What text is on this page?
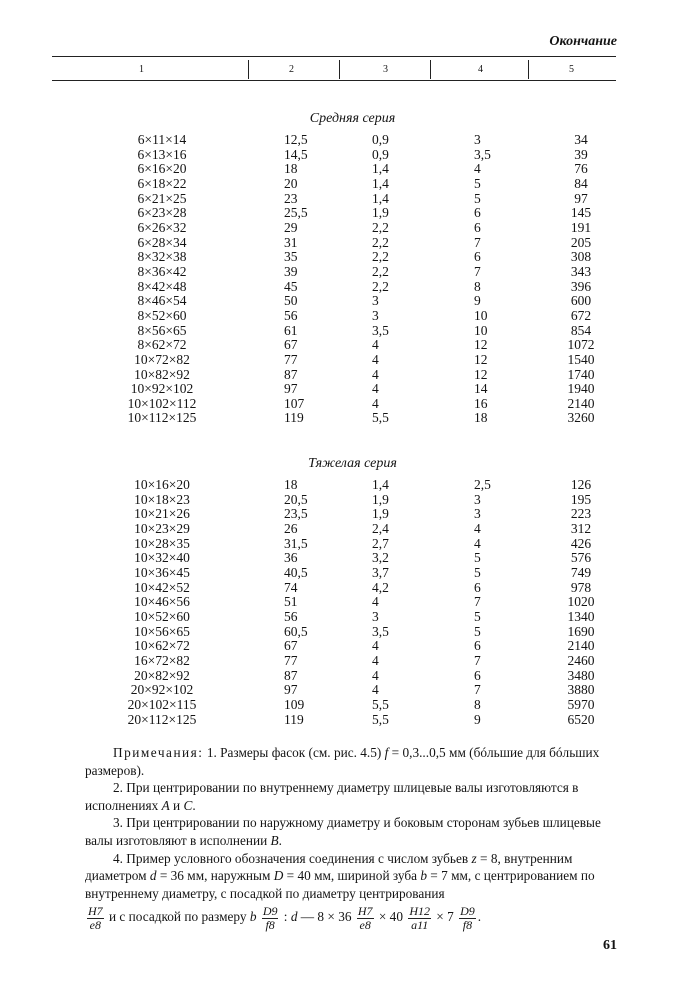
Окончание
1	2	3	4	5
Средняя серия
6×11×14	12,5	0,9	3	34
6×13×16	14,5	0,9	3,5	39
6×16×20	18	1,4	4	76
6×18×22	20	1,4	5	84
6×21×25	23	1,4	5	97
6×23×28	25,5	1,9	6	145
6×26×32	29	2,2	6	191
6×28×34	31	2,2	7	205
8×32×38	35	2,2	6	308
8×36×42	39	2,2	7	343
8×42×48	45	2,2	8	396
8×46×54	50	3	9	600
8×52×60	56	3	10	672
8×56×65	61	3,5	10	854
8×62×72	67	4	12	1072
10×72×82	77	4	12	1540
10×82×92	87	4	12	1740
10×92×102	97	4	14	1940
10×102×112	107	4	16	2140
10×112×125	119	5,5	18	3260
Тяжелая серия
10×16×20	18	1,4	2,5	126
10×18×23	20,5	1,9	3	195
10×21×26	23,5	1,9	3	223
10×23×29	26	2,4	4	312
10×28×35	31,5	2,7	4	426
10×32×40	36	3,2	5	576
10×36×45	40,5	3,7	5	749
10×42×52	74	4,2	6	978
10×46×56	51	4	7	1020
10×52×60	56	3	5	1340
10×56×65	60,5	3,5	5	1690
10×62×72	67	4	6	2140
16×72×82	77	4	7	2460
20×82×92	87	4	6	3480
20×92×102	97	4	7	3880
20×102×115	109	5,5	8	5970
20×112×125	119	5,5	9	6520

Примечания: 1. Размеры фасок (см. рис. 4.5) f = 0,3...0,5 мм (бóльшие для бóльших размеров).

2. При центрировании по внутреннему диаметру шлицевые валы изготовляются в исполнениях A и C.

3. При центрировании по наружному диаметру и боковым сторонам зубьев шлицевые валы изготовляют в исполнении B.

4. Пример условного обозначения соединения с числом зубьев z = 8, внутренним диаметром d = 36 мм, наружным D = 40 мм, шириной зуба b = 7 мм, с центрированием по внутреннему диаметру, с посадкой по диаметру центрирования

$\frac{H7}{e8}$ и с посадкой по размеру b $\frac{D9}{f8}$ : d — $8 \times 36 \frac{H7}{e8} \times 40 \frac{H12}{a11} \times 7 \frac{D9}{f8}$ .

61
